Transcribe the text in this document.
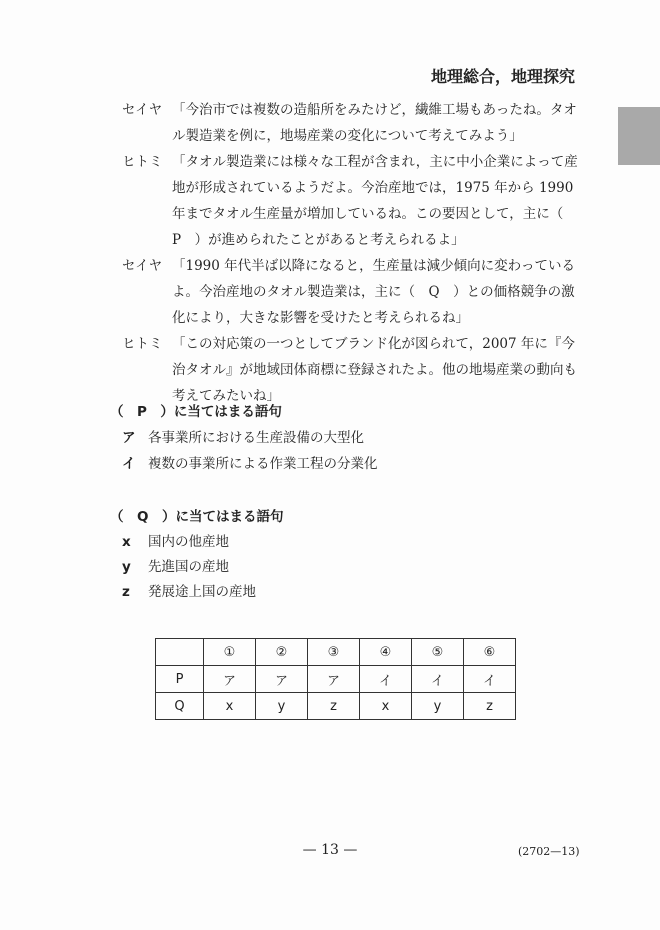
地理総合，地理探究
セイヤ 「今治市では複数の造船所をみたけど，繊維工場もあったね。タオル製造業を例に，地場産業の変化について考えてみよう」
ヒトミ 「タオル製造業には様々な工程が含まれ，主に中小企業によって産地が形成されているようだよ。今治産地では，1975 年から 1990 年までタオル生産量が増加しているね。この要因として，主に（　P　）が進められたことがあると考えられるよ」
セイヤ 「1990 年代半ば以降になると，生産量は減少傾向に変わっているよ。今治産地のタオル製造業は，主に（　Q　）との価格競争の激化により，大きな影響を受けたと考えられるね」
ヒトミ 「この対応策の一つとしてブランド化が図られて，2007 年に『今治タオル』が地域団体商標に登録されたよ。他の地場産業の動向も考えてみたいね」
（　P　）に当てはまる語句
ア 各事業所における生産設備の大型化
イ 複数の事業所による作業工程の分業化
（　Q　）に当てはまる語句
x 国内の他産地
y 先進国の産地
z 発展途上国の産地
	①	②	③	④	⑤	⑥
P	ア	ア	ア	イ	イ	イ
Q	x	y	z	x	y	z
— 13 —	(2702—13)
